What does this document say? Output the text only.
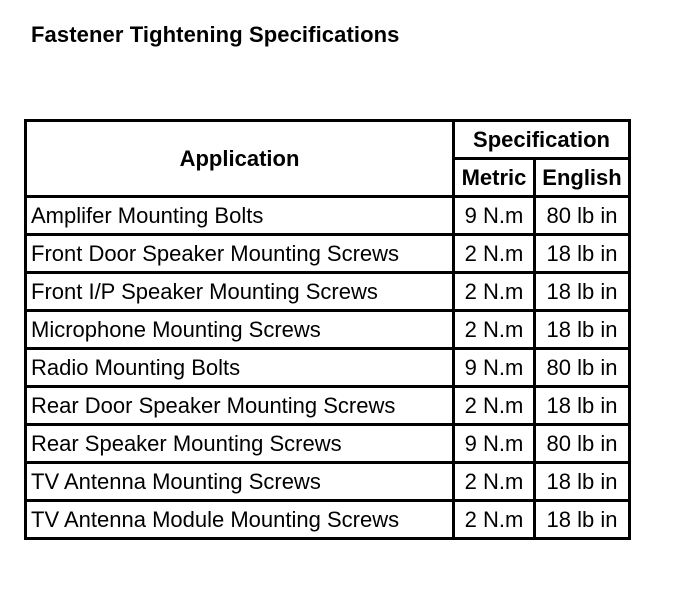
Fastener Tightening Specifications
Application	Specification	
	Metric	English
Amplifer Mounting Bolts	9 N.m	80 lb in
Front Door Speaker Mounting Screws	2 N.m	18 lb in
Front I/P Speaker Mounting Screws	2 N.m	18 lb in
Microphone Mounting Screws	2 N.m	18 lb in
Radio Mounting Bolts	9 N.m	80 lb in
Rear Door Speaker Mounting Screws	2 N.m	18 lb in
Rear Speaker Mounting Screws	9 N.m	80 lb in
TV Antenna Mounting Screws	2 N.m	18 lb in
TV Antenna Module Mounting Screws	2 N.m	18 lb in
